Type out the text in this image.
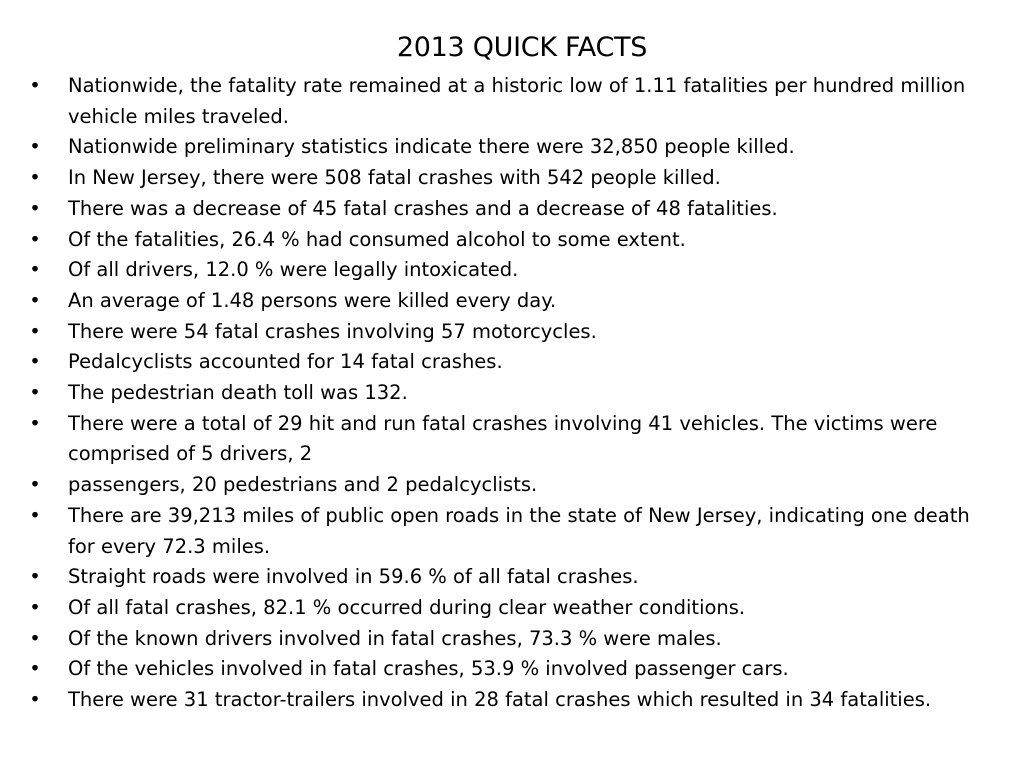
2013 QUICK FACTS
• Nationwide, the fatality rate remained at a historic low of 1.11 fatalities per hundred million vehicle miles traveled.
• Nationwide preliminary statistics indicate there were 32,850 people killed.
• In New Jersey, there were 508 fatal crashes with 542 people killed.
• There was a decrease of 45 fatal crashes and a decrease of 48 fatalities.
• Of the fatalities, 26.4 % had consumed alcohol to some extent.
• Of all drivers, 12.0 % were legally intoxicated.
• An average of 1.48 persons were killed every day.
• There were 54 fatal crashes involving 57 motorcycles.
• Pedalcyclists accounted for 14 fatal crashes.
• The pedestrian death toll was 132.
• There were a total of 29 hit and run fatal crashes involving 41 vehicles. The victims were comprised of 5 drivers, 2
• passengers, 20 pedestrians and 2 pedalcyclists.
• There are 39,213 miles of public open roads in the state of New Jersey, indicating one death for every 72.3 miles.
• Straight roads were involved in 59.6 % of all fatal crashes.
• Of all fatal crashes, 82.1 % occurred during clear weather conditions.
• Of the known drivers involved in fatal crashes, 73.3 % were males.
• Of the vehicles involved in fatal crashes, 53.9 % involved passenger cars.
• There were 31 tractor-trailers involved in 28 fatal crashes which resulted in 34 fatalities.
